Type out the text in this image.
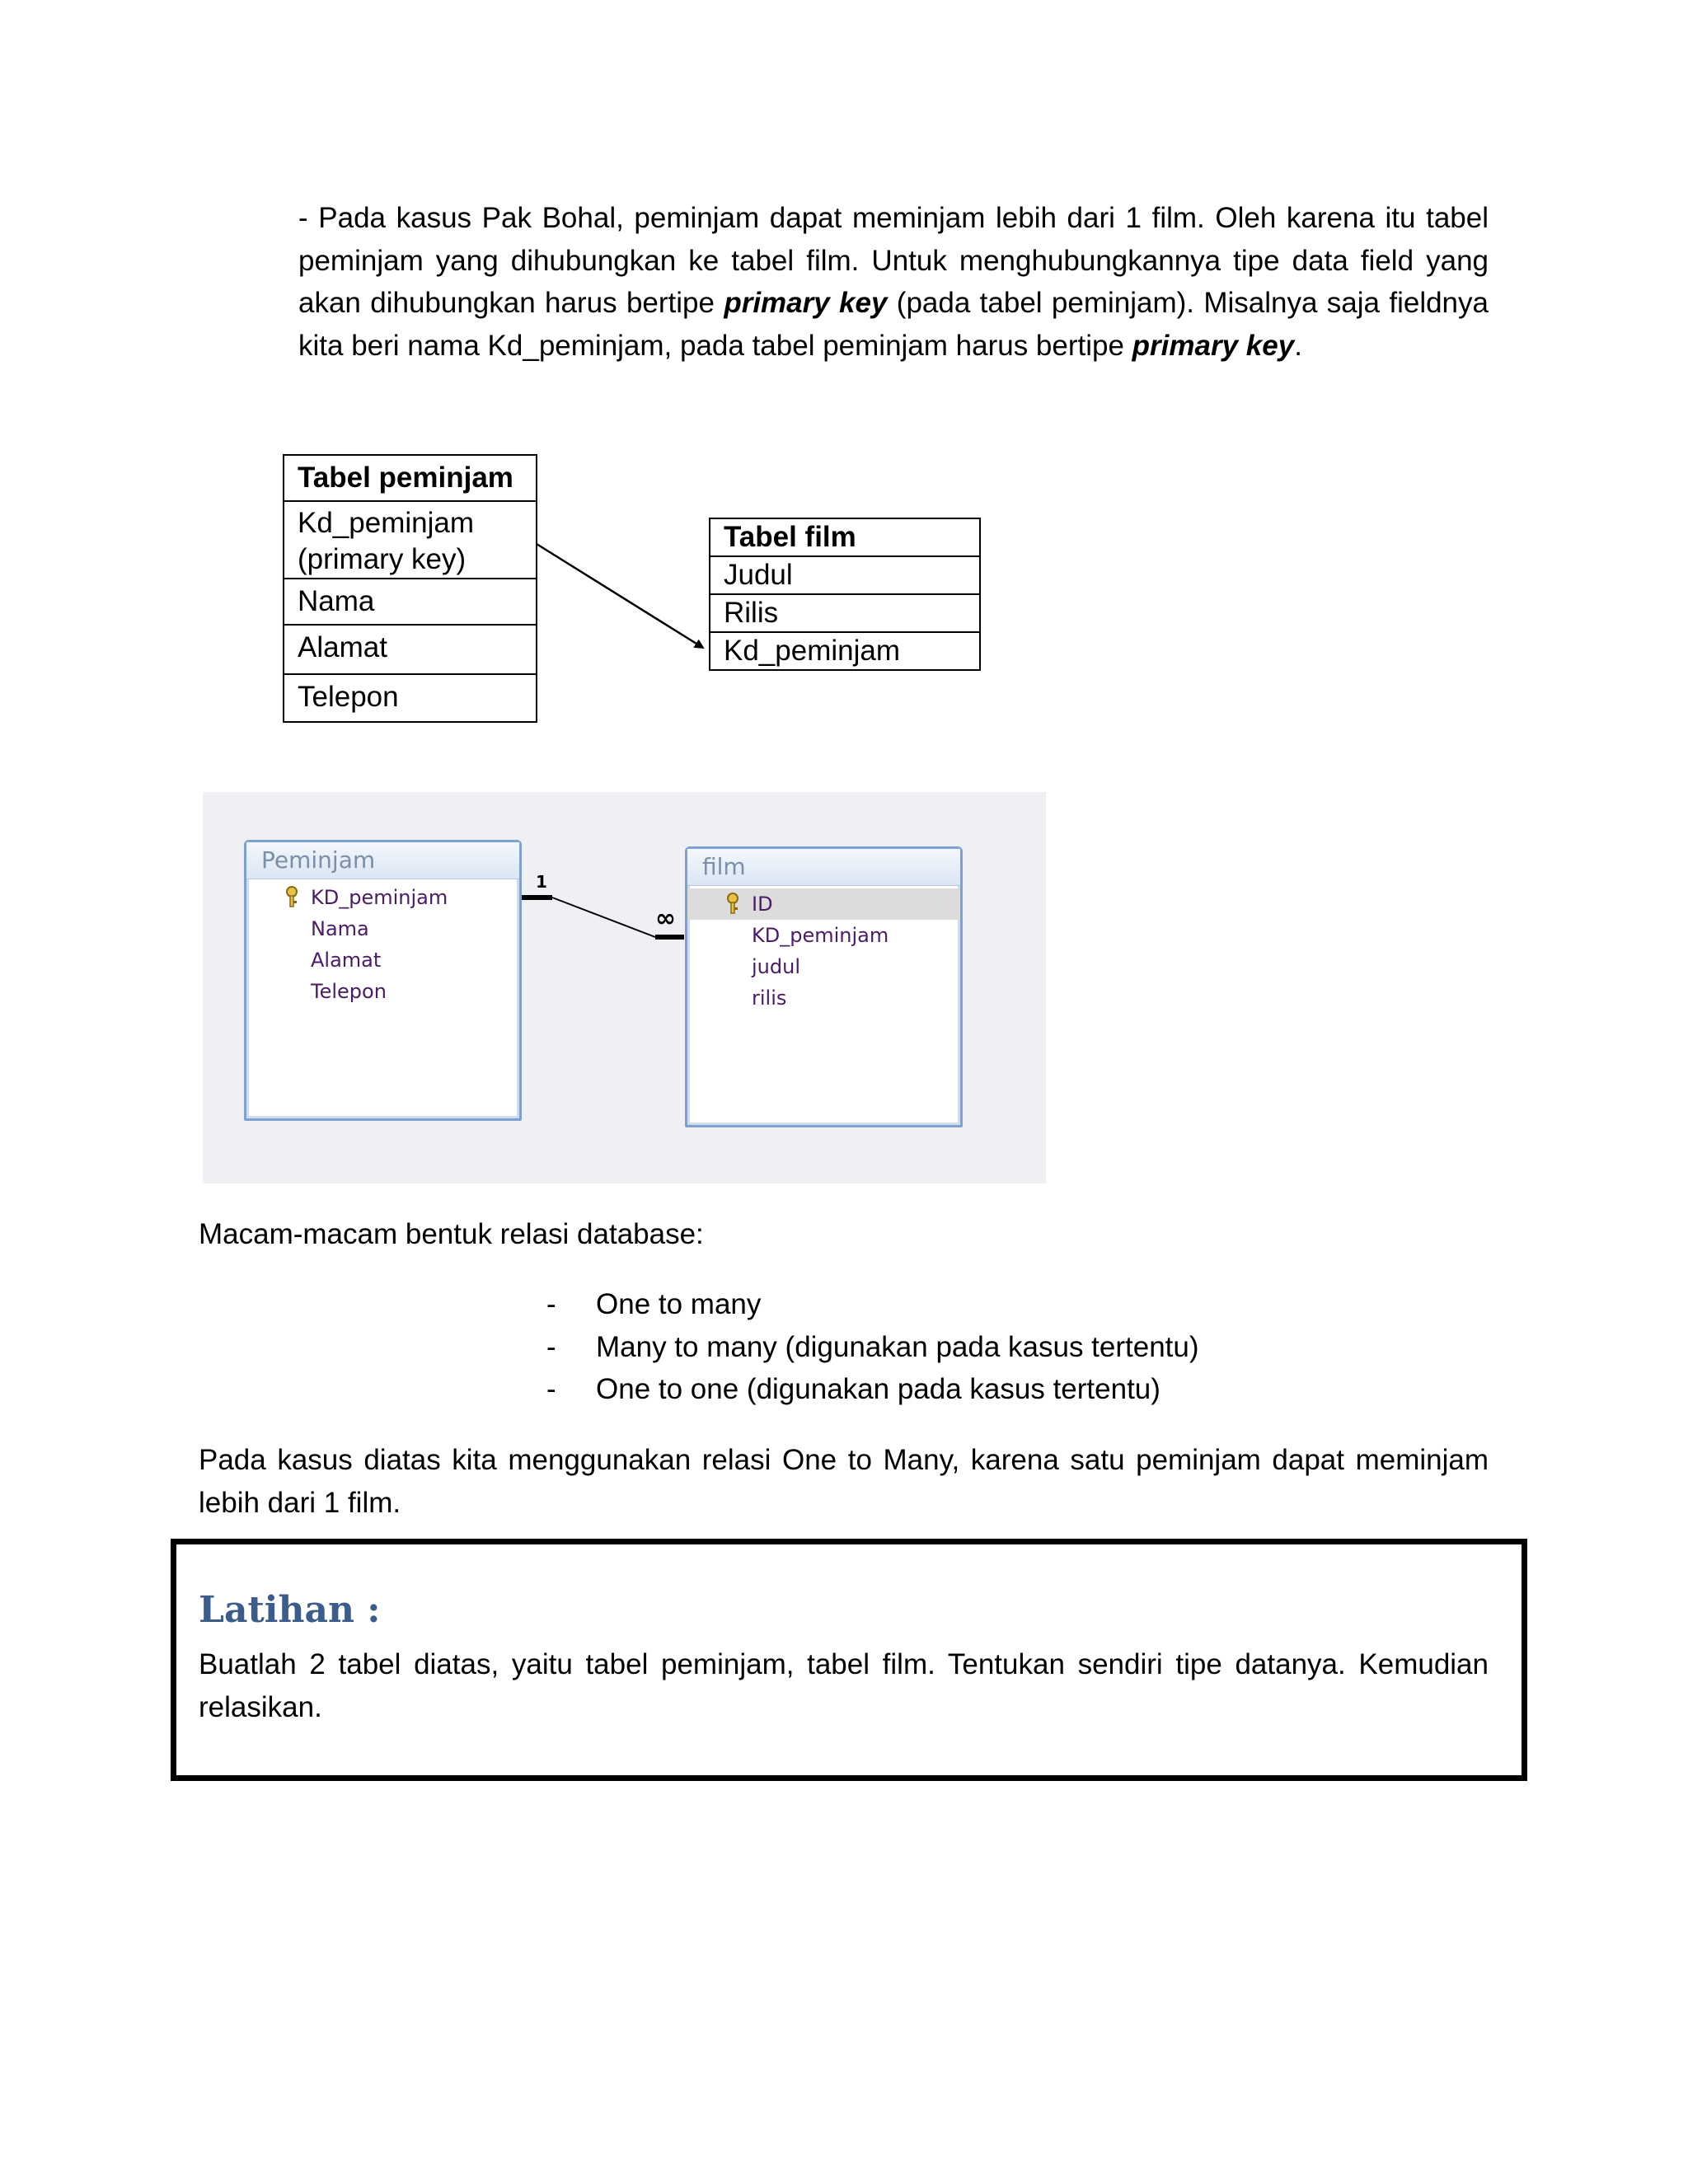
- Pada kasus Pak Bohal, peminjam dapat meminjam lebih dari 1 film. Oleh karena itu tabel peminjam yang dihubungkan ke tabel film. Untuk menghubungkannya tipe data field yang akan dihubungkan harus bertipe primary key (pada tabel peminjam). Misalnya saja fieldnya kita beri nama Kd_peminjam, pada tabel peminjam harus bertipe primary key.

Tabel peminjam
Kd_peminjam (primary key)
Nama
Alamat
Telepon
Tabel film
Judul
Rilis
Kd_peminjam
Peminjam
KD_peminjam
Nama
Alamat
Telepon
film
ID
KD_peminjam
judul
rilis
1
∞

Macam-macam bentuk relasi database:

- One to many
- Many to many (digunakan pada kasus tertentu)
- One to one (digunakan pada kasus tertentu)

Pada kasus diatas kita menggunakan relasi One to Many, karena satu peminjam dapat meminjam lebih dari 1 film.

Latihan :

Buatlah 2 tabel diatas, yaitu tabel peminjam, tabel film. Tentukan sendiri tipe datanya. Kemudian relasikan.
